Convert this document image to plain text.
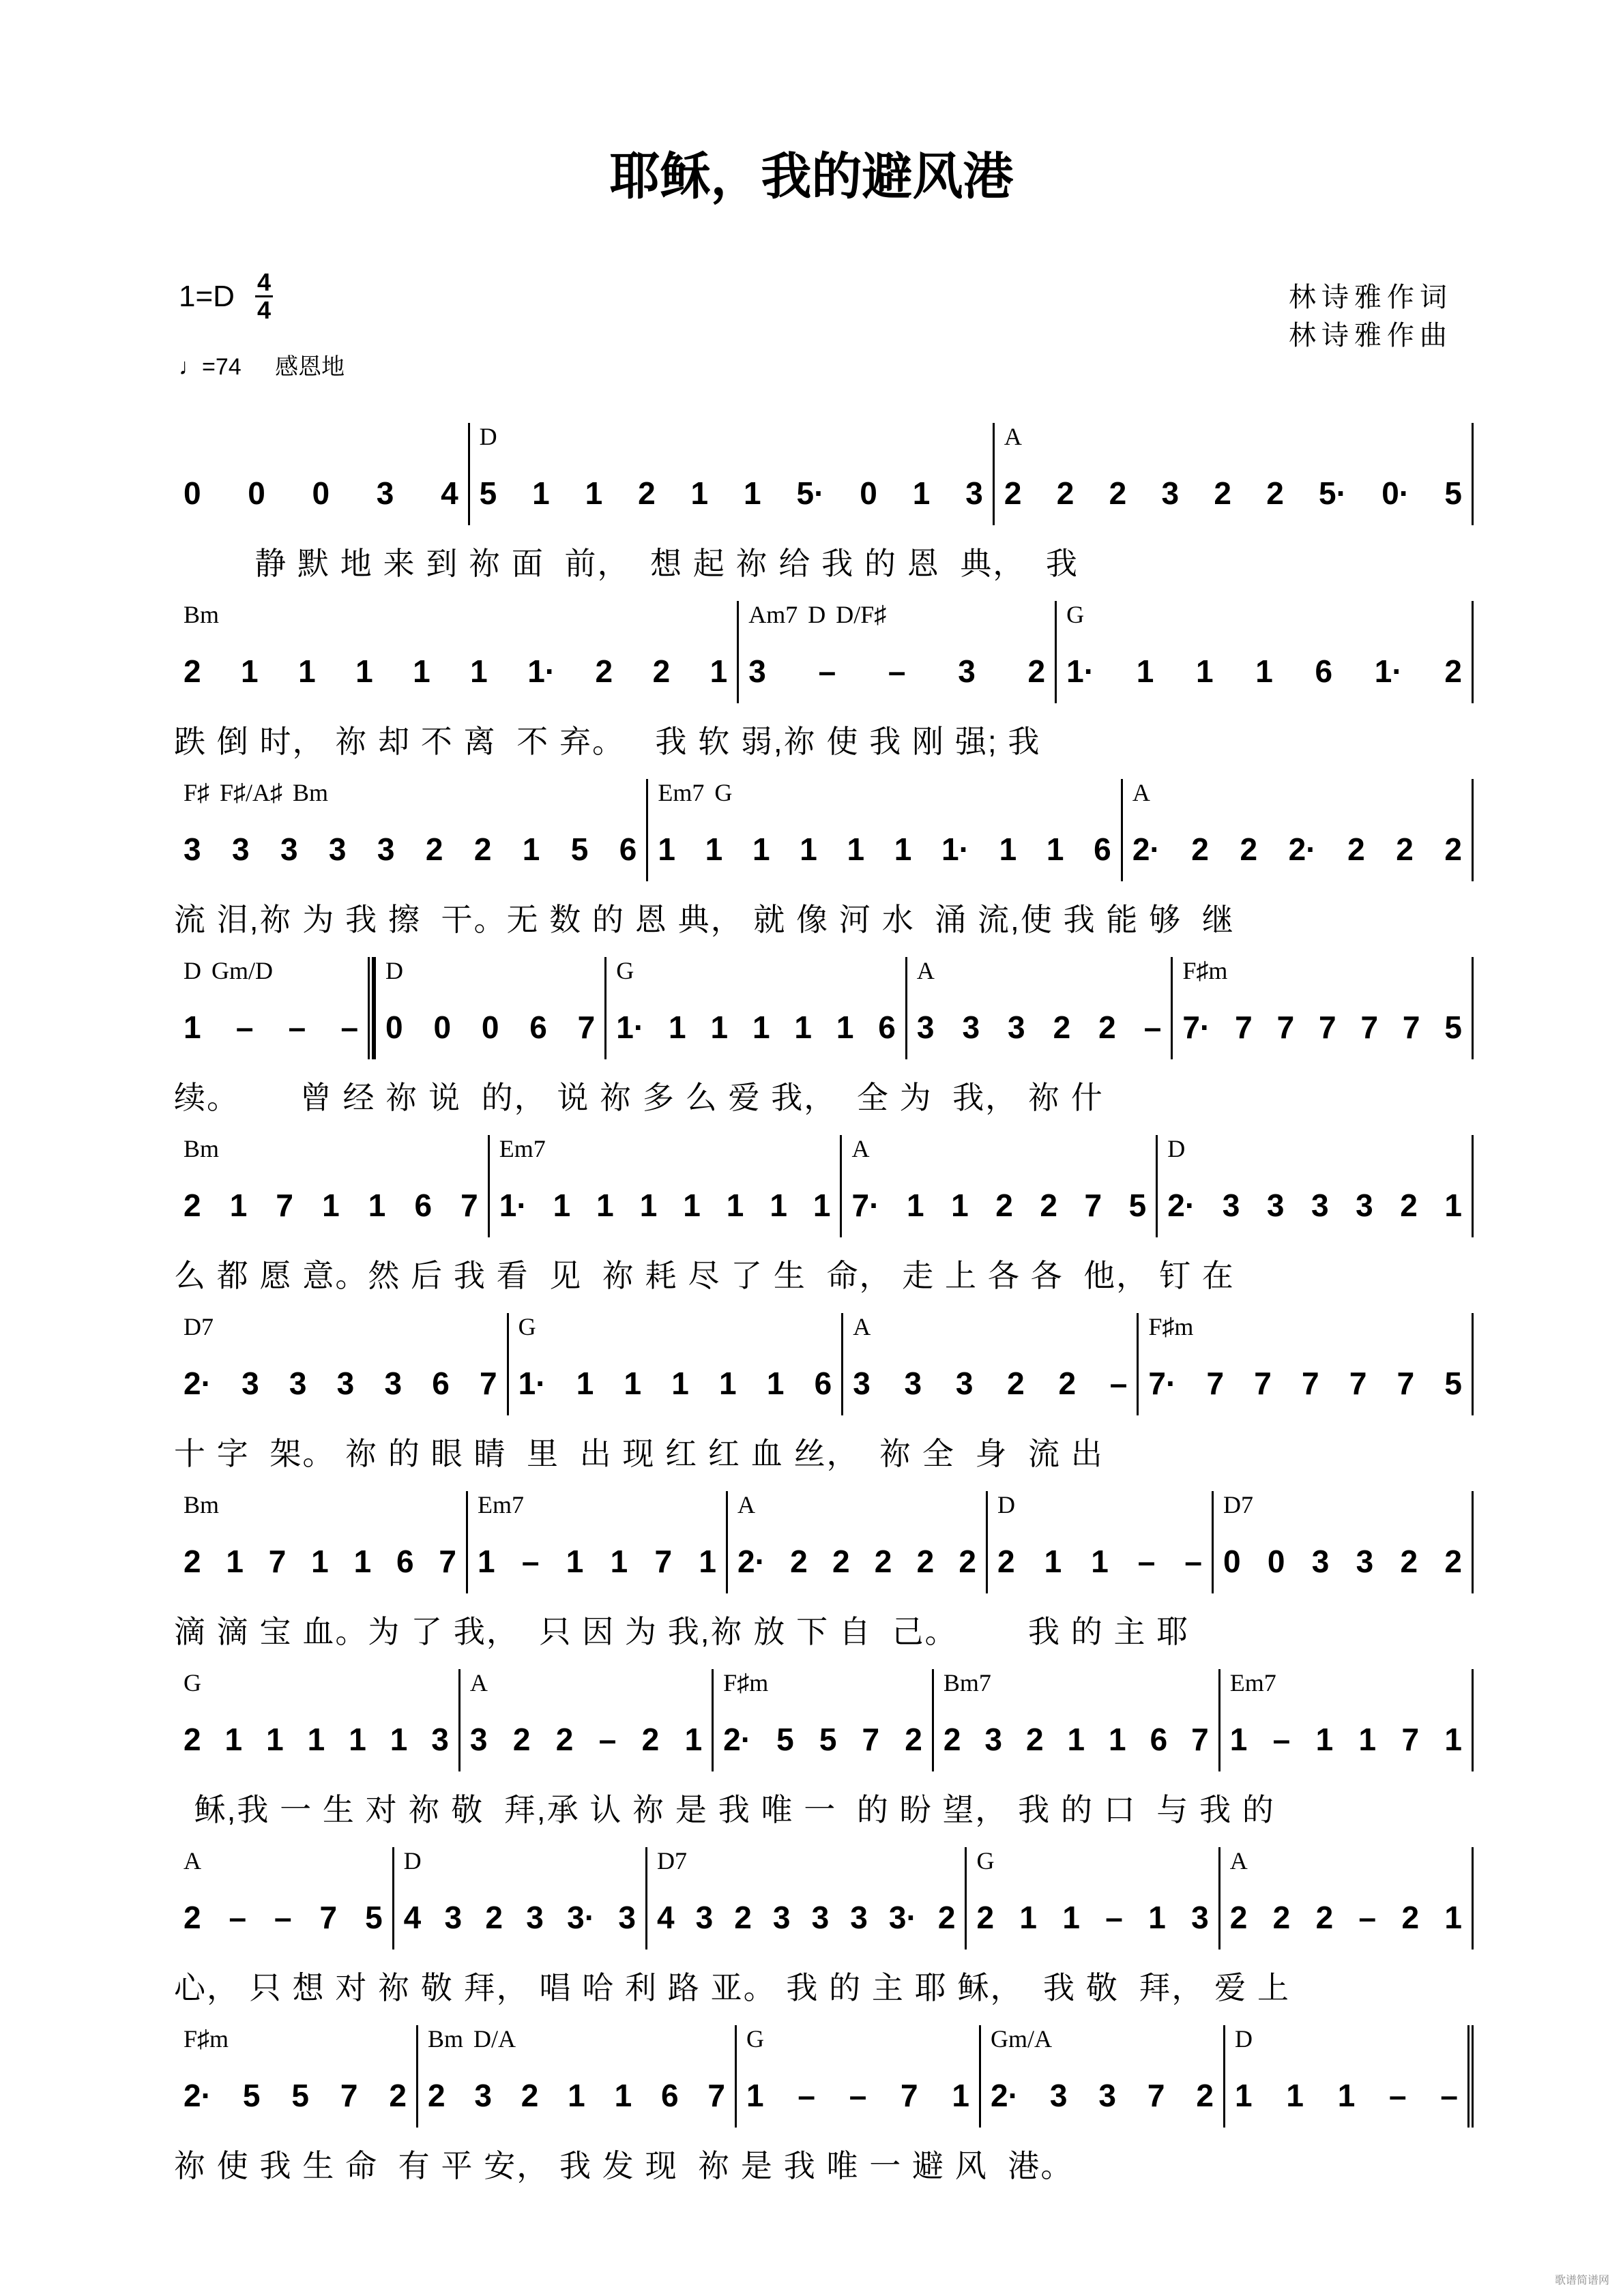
耶稣，我的避风港
$1=D \frac{4}{4}$
♩=74 感恩地
林诗雅作词
林诗雅作曲
0 0 0 3 4
D
5 1 1 2 1 1 5· 0 1 3
A
2 2 2 3 2 2 5· 0· 5
静 默 地 来 到 祢 面  前，  想 起 祢 给 我 的 恩  典，  我
Bm
2 1 1 1 1 1 1· 2 2 1
Am7 D D/F♯
3 – – 3 2
G
1· 1 1 1 6 1· 2
跌 倒 时， 祢 却 不 离  不 弃。   我 软 弱,祢 使 我 刚 强; 我
F♯ F♯/A♯ Bm
3 3 3 3 3 2 2 1 5 6
Em7 G
1 1 1 1 1 1 1· 1 1 6
A
2· 2 2 2· 2 2 2
流 泪,祢 为 我 擦  干。无 数 的 恩 典， 就 像 河 水  涌 流,使 我 能 够  继
D Gm/D
1 – – –
D
0 0 0 6 7
G
1· 1 1 1 1 1 6
A
3 3 3 2 2 –
F♯m
7· 7 7 7 7 7 5
续。      曾 经 祢 说  的， 说 祢 多 么 爱 我，  全 为  我， 祢 什
Bm
2 1 7 1 1 6 7
Em7
1· 1 1 1 1 1 1 1
A
7· 1 1 2 2 7 5
D
2· 3 3 3 3 2 1
么 都 愿 意。然 后 我 看  见  祢 耗 尽 了 生  命， 走 上 各 各  他， 钉 在
D7
2· 3 3 3 3 6 7
G
1· 1 1 1 1 1 6
A
3 3 3 2 2 –
F♯m
7· 7 7 7 7 7 5
十 字  架。 祢 的 眼 睛  里  出 现 红 红 血 丝，  祢 全  身  流 出
Bm
2 1 7 1 1 6 7
Em7
1 – 1 1 7 1
A
2· 2 2 2 2 2
D
2 1 1 – –
D7
0 0 3 3 2 2
滴 滴 宝 血。为 了 我，  只 因 为 我,祢 放 下 自  己。       我 的 主 耶
G
2 1 1 1 1 1 3
A
3 2 2 – 2 1
F♯m
2· 5 5 7 2
Bm7
2 3 2 1 1 6 7
Em7
1 – 1 1 7 1
稣,我 一 生 对 祢 敬  拜,承 认 祢 是 我 唯 一  的 盼 望， 我 的 口  与 我 的
A
2 – – 7 5
D
4 3 2 3 3· 3
D7
4 3 2 3 3 3 3· 2
G
2 1 1 – 1 3
A
2 2 2 – 2 1
心， 只 想 对 祢 敬 拜， 唱 哈 利 路 亚。 我 的 主 耶 稣，  我 敬  拜， 爱 上
F♯m
2· 5 5 7 2
Bm D/A
2 3 2 1 1 6 7
G
1 – – 7 1
Gm/A
2· 3 3 7 2
D
1 1 1 – –
祢 使 我 生 命  有 平 安， 我 发 现  祢 是 我 唯 一 避 风  港。
歌谱简谱网
